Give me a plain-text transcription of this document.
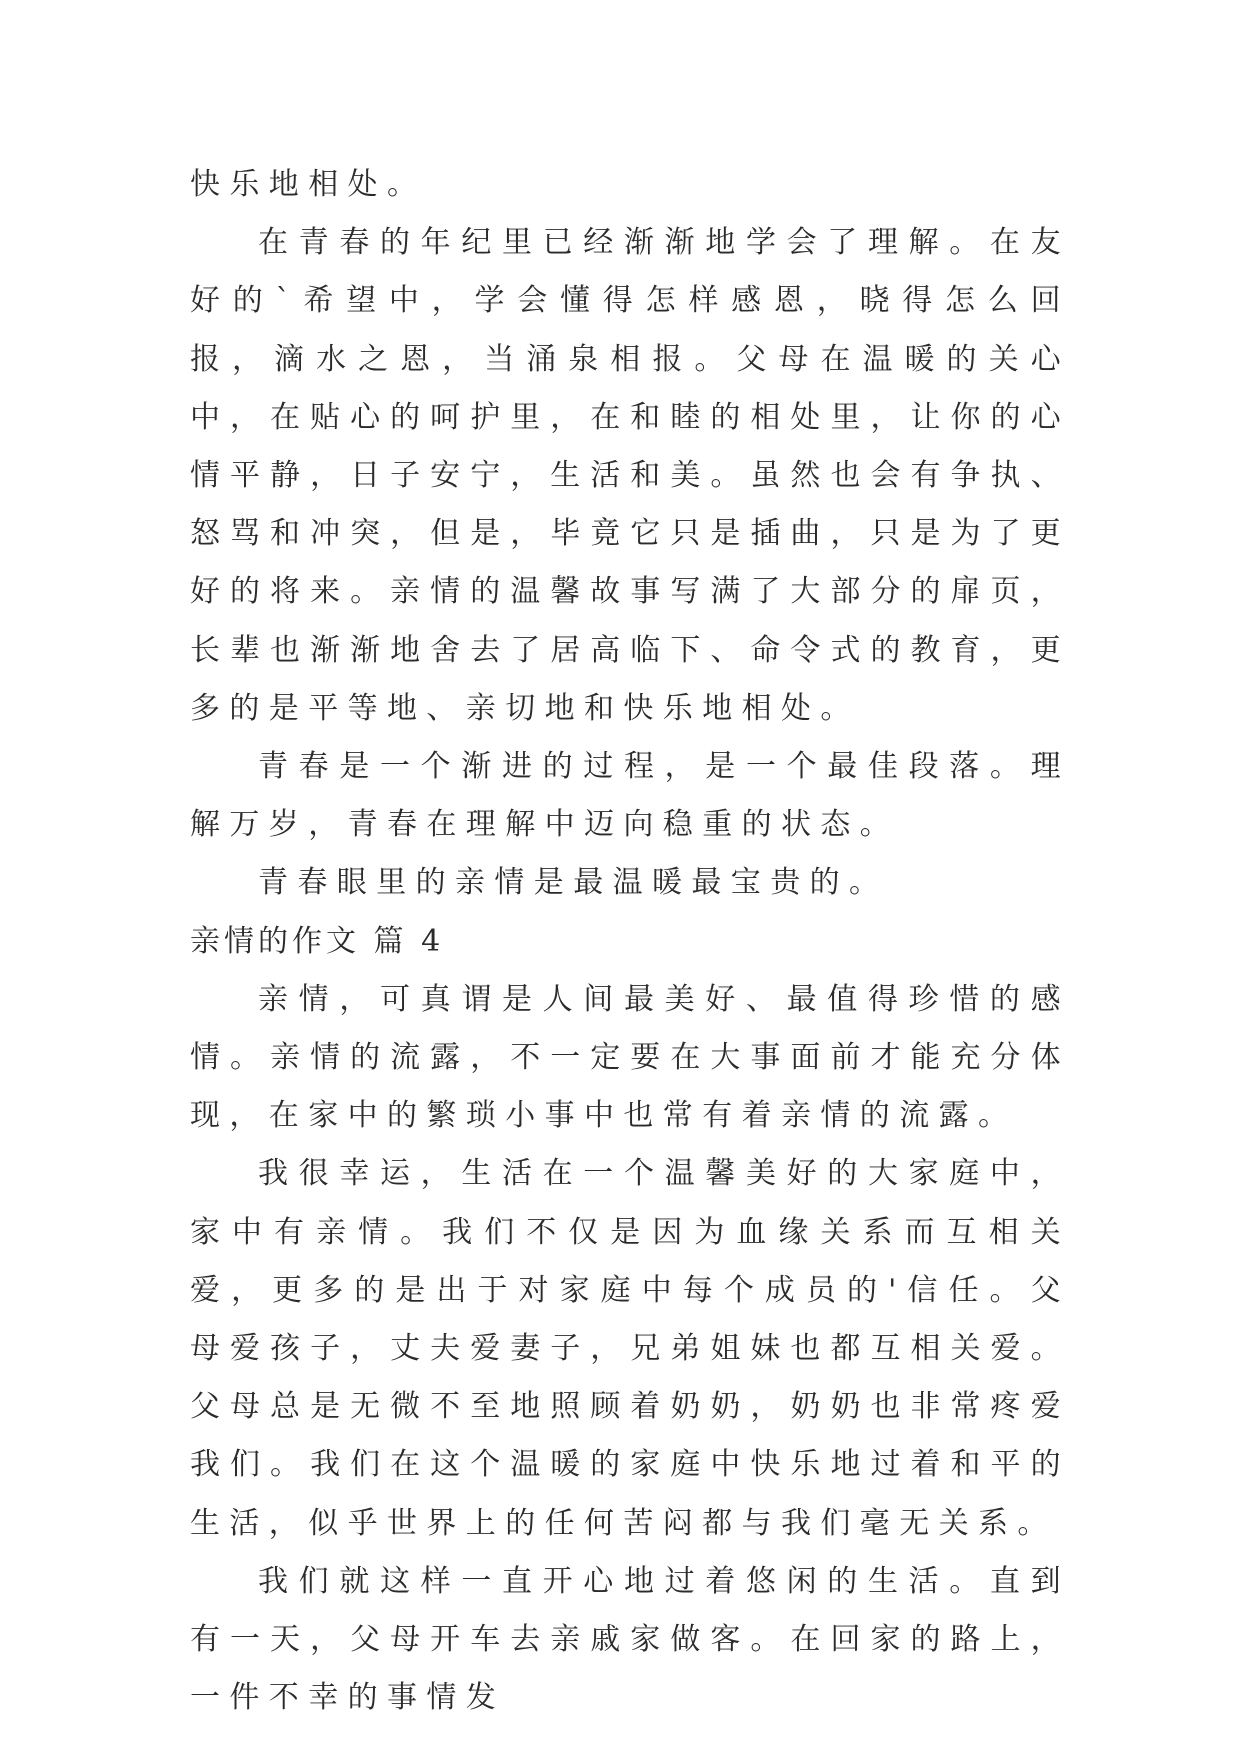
快乐地相处。

在青春的年纪里已经渐渐地学会了理解。在友好的`希望中，学会懂得怎样感恩，晓得怎么回报，滴水之恩，当涌泉相报。父母在温暖的关心中，在贴心的呵护里，在和睦的相处里，让你的心情平静，日子安宁，生活和美。虽然也会有争执、怒骂和冲突，但是，毕竟它只是插曲，只是为了更好的将来。亲情的温馨故事写满了大部分的扉页，长辈也渐渐地舍去了居高临下、命令式的教育，更多的是平等地、亲切地和快乐地相处。

青春是一个渐进的过程，是一个最佳段落。理解万岁，青春在理解中迈向稳重的状态。

青春眼里的亲情是最温暖最宝贵的。

亲情的作文 篇 4

亲情，可真谓是人间最美好、最值得珍惜的感情。亲情的流露，不一定要在大事面前才能充分体现，在家中的繁琐小事中也常有着亲情的流露。

我很幸运，生活在一个温馨美好的大家庭中，家中有亲情。我们不仅是因为血缘关系而互相关爱，更多的是出于对家庭中每个成员的'信任。父母爱孩子，丈夫爱妻子，兄弟姐妹也都互相关爱。父母总是无微不至地照顾着奶奶，奶奶也非常疼爱我们。我们在这个温暖的家庭中快乐地过着和平的生活，似乎世界上的任何苦闷都与我们毫无关系。

我们就这样一直开心地过着悠闲的生活。直到有一天，父母开车去亲戚家做客。在回家的路上，一件不幸的事情发
